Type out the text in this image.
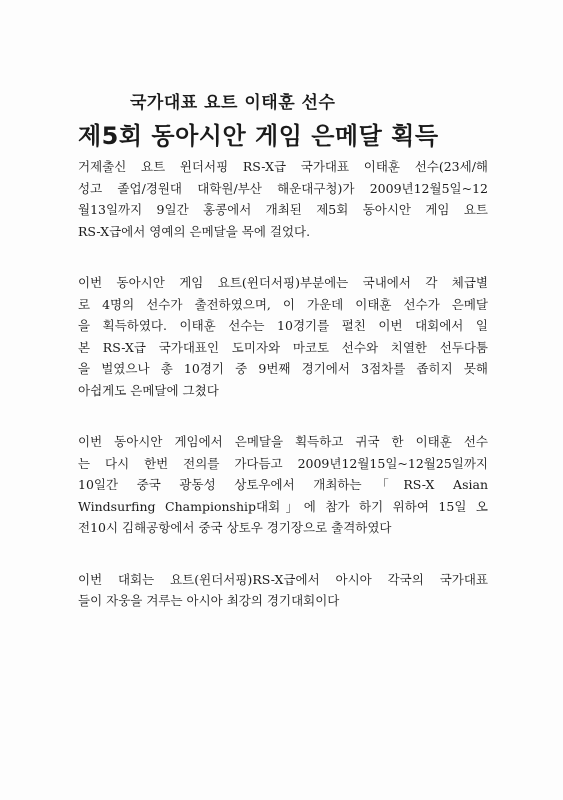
국가대표 요트 이태훈 선수
제5회 동아시안 게임 은메달 획득
거제출신 요트 윈더서핑 RS-X급 국가대표 이태훈 선수(23세/해
성고 졸업/경원대 대학원/부산 해운대구청)가 2009년12월5일~12
월13일까지 9일간 홍콩에서 개최된 제5회 동아시안 게임 요트
RS-X급에서 영예의 은메달을 목에 걸었다.
이번 동아시안 게임 요트(윈더서핑)부분에는 국내에서 각 체급별
로 4명의 선수가 출전하였으며, 이 가운데 이태훈 선수가 은메달
을 획득하였다. 이태훈 선수는 10경기를 펼친 이번 대회에서 일
본 RS-X급 국가대표인 도미자와 마코토 선수와 치열한 선두다툼
을 벌였으나 총 10경기 중 9번째 경기에서 3점차를 좁히지 못해
아쉽게도 은메달에 그쳤다
이번 동아시안 게임에서 은메달을 획득하고 귀국 한 이태훈 선수
는 다시 한번 전의를 가다듬고 2009년12월15일~12월25일까지
10일간 중국 광동성 상토우에서 개최하는「RS-X Asian
Windsurfing Championship대회」에 참가 하기 위하여 15일 오
전10시 김해공항에서 중국 상토우 경기장으로 출격하였다
이번 대회는 요트(윈더서핑)RS-X급에서 아시아 각국의 국가대표
들이 자웅을 겨루는 아시아 최강의 경기대회이다
